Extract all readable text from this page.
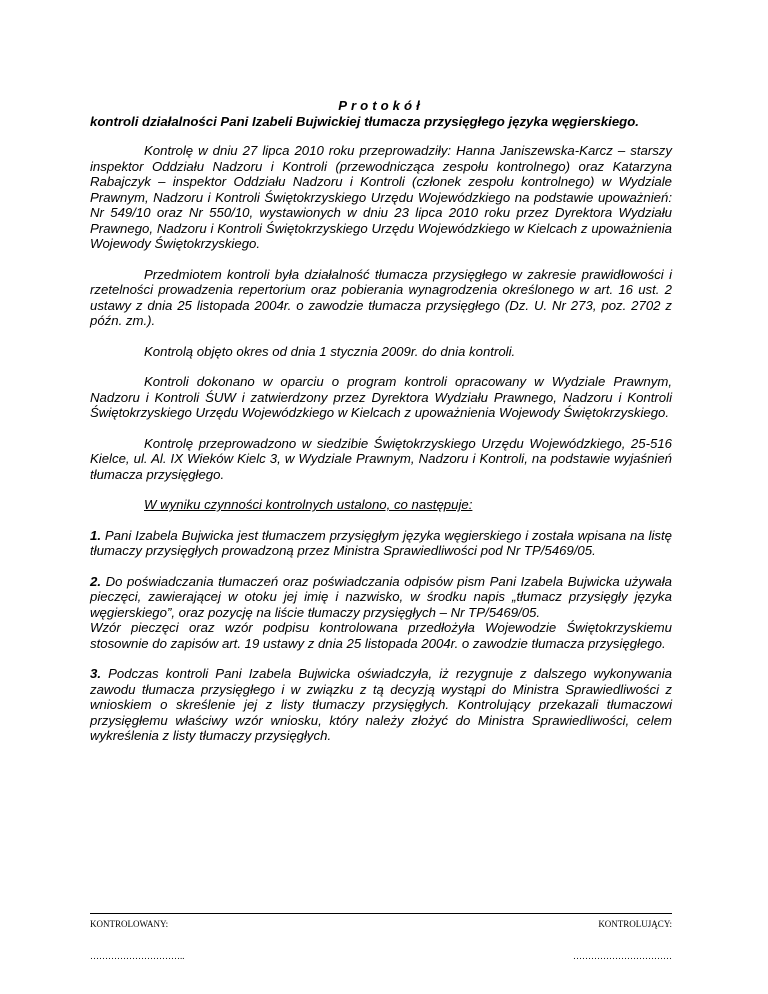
Protokół

kontroli działalności Pani Izabeli Bujwickiej tłumacza przysięgłego języka węgierskiego.

Kontrolę w dniu 27 lipca 2010 roku przeprowadziły: Hanna Janiszewska-Karcz – starszy inspektor Oddziału Nadzoru i Kontroli (przewodnicząca zespołu kontrolnego) oraz Katarzyna Rabajczyk – inspektor Oddziału Nadzoru i Kontroli (członek zespołu kontrolnego) w Wydziale Prawnym, Nadzoru i Kontroli Świętokrzyskiego Urzędu Wojewódzkiego na podstawie upoważnień: Nr 549/10 oraz Nr 550/10, wystawionych w dniu 23 lipca 2010 roku przez Dyrektora Wydziału Prawnego, Nadzoru i Kontroli Świętokrzyskiego Urzędu Wojewódzkiego w Kielcach z upoważnienia Wojewody Świętokrzyskiego.

Przedmiotem kontroli była działalność tłumacza przysięgłego w zakresie prawidłowości i rzetelności prowadzenia repertorium oraz pobierania wynagrodzenia określonego w art. 16 ust. 2 ustawy z dnia 25 listopada 2004r. o zawodzie tłumacza przysięgłego (Dz. U. Nr 273, poz. 2702 z późn. zm.).

Kontrolą objęto okres od dnia 1 stycznia 2009r. do dnia kontroli.

Kontroli dokonano w oparciu o program kontroli opracowany w Wydziale Prawnym, Nadzoru i Kontroli ŚUW i zatwierdzony przez Dyrektora Wydziału Prawnego, Nadzoru i Kontroli Świętokrzyskiego Urzędu Wojewódzkiego w Kielcach z upoważnienia Wojewody Świętokrzyskiego.

Kontrolę przeprowadzono w siedzibie Świętokrzyskiego Urzędu Wojewódzkiego, 25-516 Kielce, ul. Al. IX Wieków Kielc 3, w Wydziale Prawnym, Nadzoru i Kontroli, na podstawie wyjaśnień tłumacza przysięgłego.

W wyniku czynności kontrolnych ustalono, co następuje:

1. Pani Izabela Bujwicka jest tłumaczem przysięgłym języka węgierskiego i została wpisana na listę tłumaczy przysięgłych prowadzoną przez Ministra Sprawiedliwości pod Nr TP/5469/05.

2. Do poświadczania tłumaczeń oraz poświadczania odpisów pism Pani Izabela Bujwicka używała pieczęci, zawierającej w otoku jej imię i nazwisko, w środku napis „tłumacz przysięgły języka węgierskiego”, oraz pozycję na liście tłumaczy przysięgłych – Nr TP/5469/05.
Wzór pieczęci oraz wzór podpisu kontrolowana przedłożyła Wojewodzie Świętokrzyskiemu stosownie do zapisów art. 19 ustawy z dnia 25 listopada 2004r. o zawodzie tłumacza przysięgłego.

3. Podczas kontroli Pani Izabela Bujwicka oświadczyła, iż rezygnuje z dalszego wykonywania zawodu tłumacza przysięgłego i w związku z tą decyzją wystąpi do Ministra Sprawiedliwości z wnioskiem o skreślenie jej z listy tłumaczy przysięgłych. Kontrolujący przekazali tłumaczowi przysięgłemu właściwy wzór wniosku, który należy złożyć do Ministra Sprawiedliwości, celem wykreślenia z listy tłumaczy przysięgłych.

KONTROLOWANY:	KONTROLUJĄCY:
…………………………..	……………………………
